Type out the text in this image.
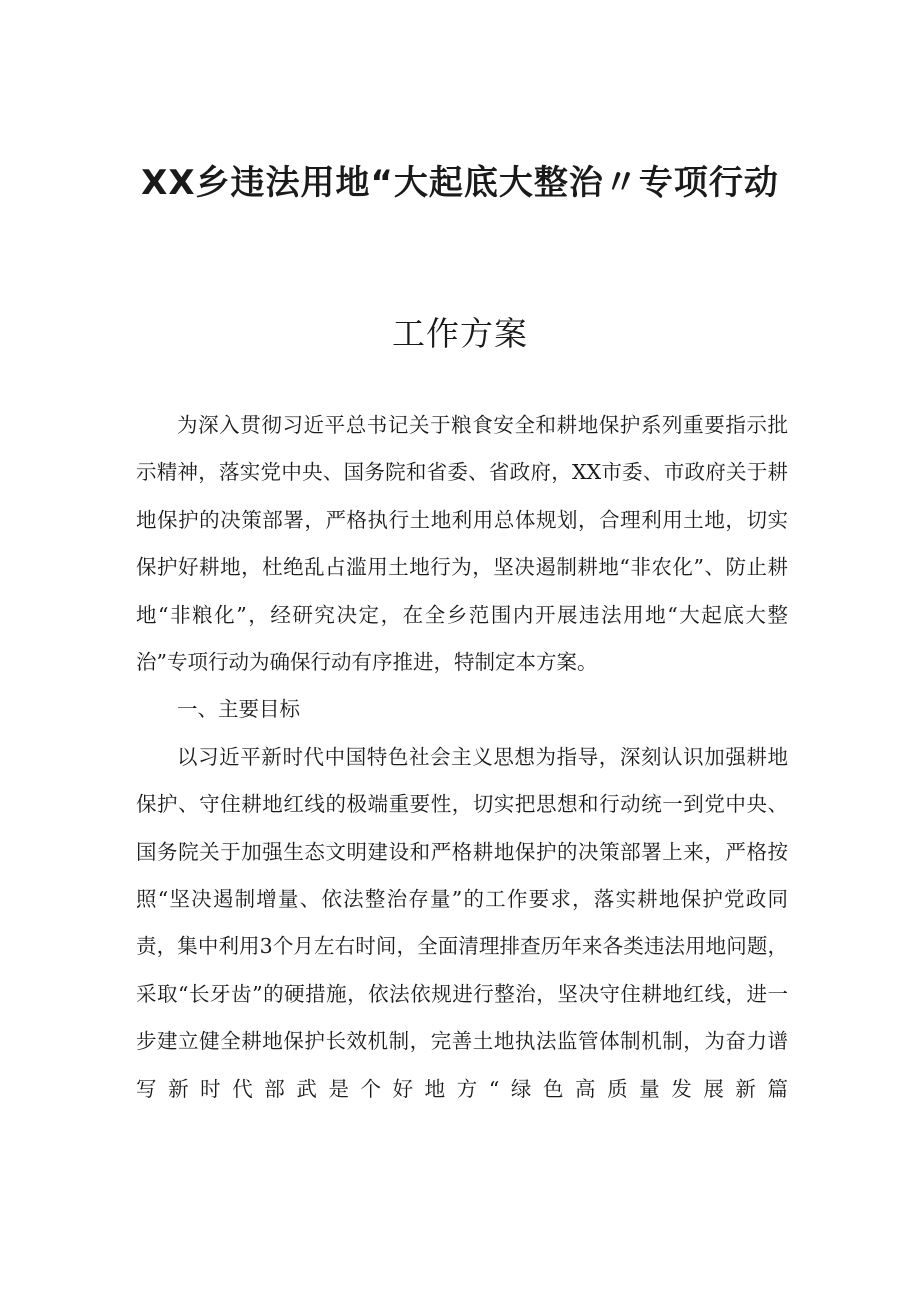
XX乡违法用地“大起底大整治〃专项行动
工作方案

为深入贯彻习近平总书记关于粮食安全和耕地保护系列重要指示批示精神，落实党中央、国务院和省委、省政府，XX市委、市政府关于耕地保护的决策部署，严格执行土地利用总体规划，合理利用土地，切实保护好耕地，杜绝乱占滥用土地行为，坚决遏制耕地“非农化”、防止耕地“非粮化”，经研究决定，在全乡范围内开展违法用地“大起底大整治”专项行动为确保行动有序推进，特制定本方案。

一、主要目标

以习近平新时代中国特色社会主义思想为指导，深刻认识加强耕地保护、守住耕地红线的极端重要性，切实把思想和行动统一到党中央、国务院关于加强生态文明建设和严格耕地保护的决策部署上来，严格按照“坚决遏制增量、依法整治存量”的工作要求，落实耕地保护党政同责，集中利用3个月左右时间，全面清理排查历年来各类违法用地问题，采取“长牙齿”的硬措施，依法依规进行整治，坚决守住耕地红线，进一步建立健全耕地保护长效机制，完善土地执法监管体制机制，为奋力谱写新时代部武是个好地方“绿色高质量发展新篇
